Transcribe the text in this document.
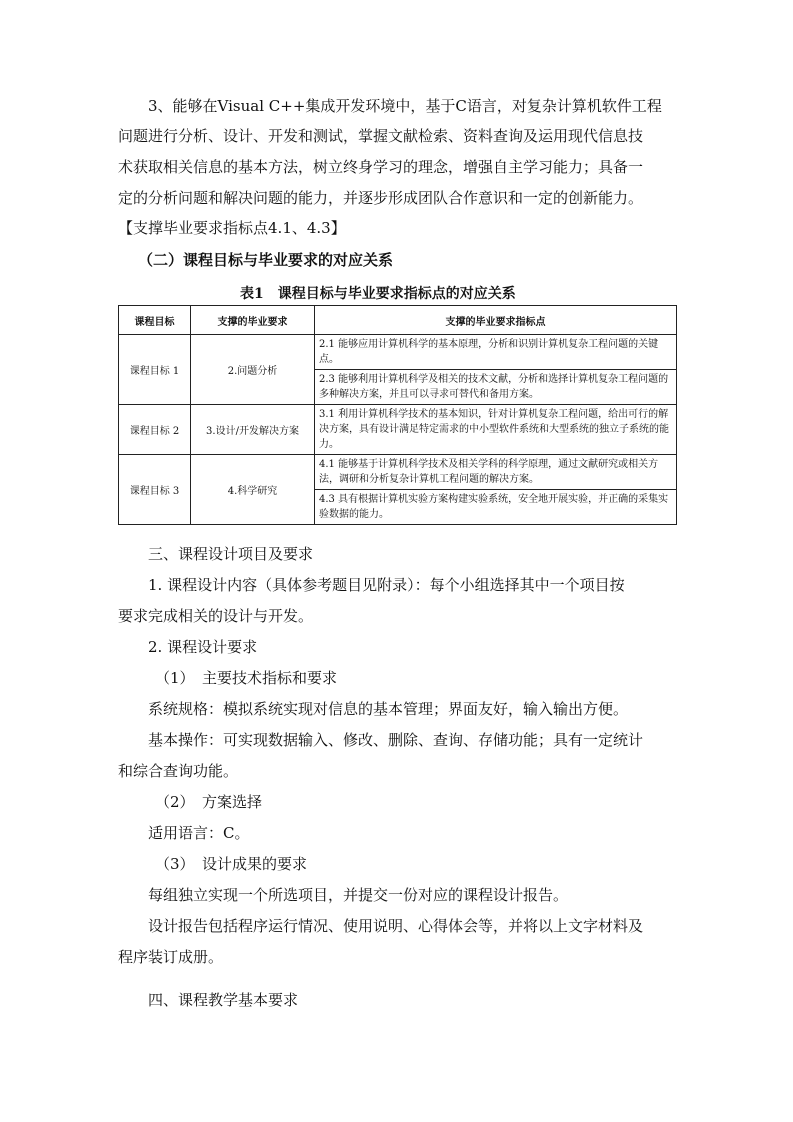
3、能够在Visual C++集成开发环境中，基于C语言，对复杂计算机软件工程
问题进行分析、设计、开发和测试，掌握文献检索、资料查询及运用现代信息技
术获取相关信息的基本方法，树立终身学习的理念，增强自主学习能力；具备一
定的分析问题和解决问题的能力，并逐步形成团队合作意识和一定的创新能力。
【支撑毕业要求指标点4.1、4.3】
（二）课程目标与毕业要求的对应关系
表1　课程目标与毕业要求指标点的对应关系
课程目标	支撑的毕业要求	支撑的毕业要求指标点
课程目标 1	2.问题分析	2.1 能够应用计算机科学的基本原理，分析和识别计算机复杂工程问题的关键点。
		2.3 能够利用计算机科学及相关的技术文献，分析和选择计算机复杂工程问题的多种解决方案，并且可以寻求可替代和备用方案。
课程目标 2	3.设计/开发解决方案	3.1 利用计算机科学技术的基本知识，针对计算机复杂工程问题，给出可行的解决方案，具有设计满足特定需求的中小型软件系统和大型系统的独立子系统的能力。
课程目标 3	4.科学研究	4.1 能够基于计算机科学技术及相关学科的科学原理，通过文献研究或相关方法，调研和分析复杂计算机工程问题的解决方案。
		4.3 具有根据计算机实验方案构建实验系统，安全地开展实验，并正确的采集实验数据的能力。
三、课程设计项目及要求
1. 课程设计内容（具体参考题目见附录）：每个小组选择其中一个项目按
要求完成相关的设计与开发。
2. 课程设计要求
（1）　主要技术指标和要求
系统规格：模拟系统实现对信息的基本管理；界面友好，输入输出方便。
基本操作：可实现数据输入、修改、删除、查询、存储功能；具有一定统计
和综合查询功能。
（2）　方案选择
适用语言：C。
（3）　设计成果的要求
每组独立实现一个所选项目，并提交一份对应的课程设计报告。
设计报告包括程序运行情况、使用说明、心得体会等，并将以上文字材料及
程序装订成册。
四、课程教学基本要求
